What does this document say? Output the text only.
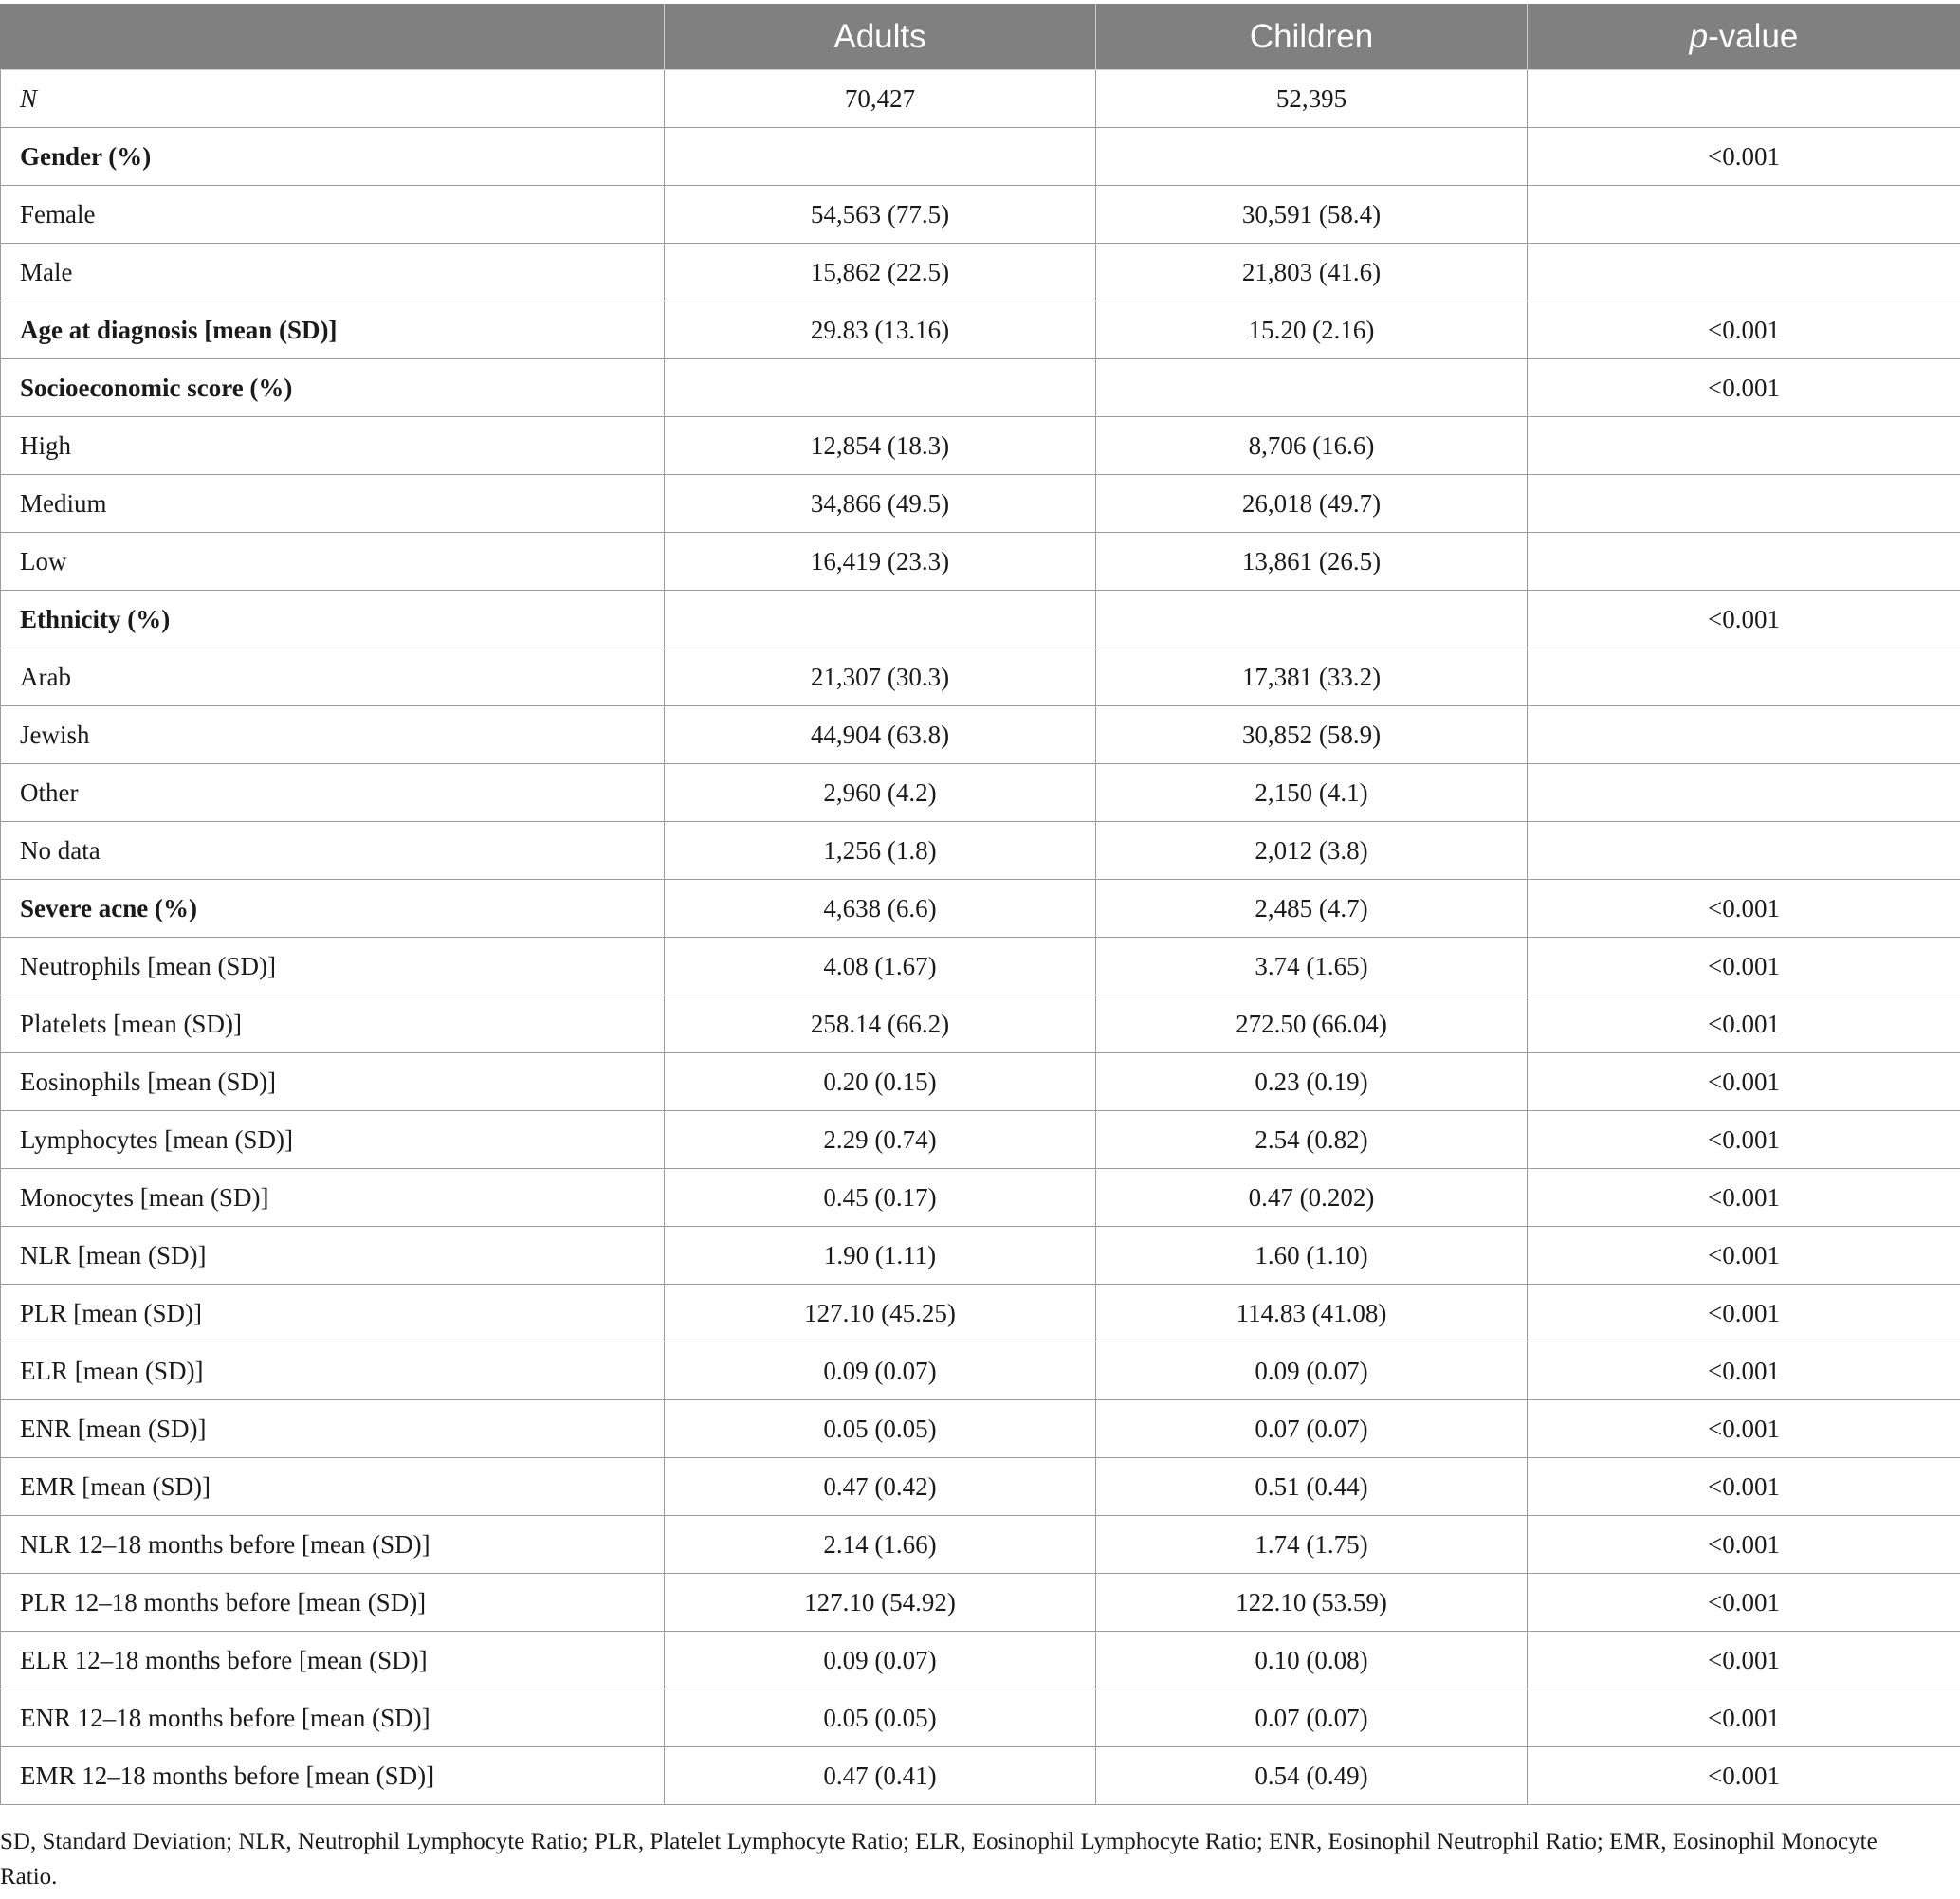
	Adults	Children	p-value
N	70,427	52,395	
Gender (%)			<0.001
Female	54,563 (77.5)	30,591 (58.4)	
Male	15,862 (22.5)	21,803 (41.6)	
Age at diagnosis [mean (SD)]	29.83 (13.16)	15.20 (2.16)	<0.001
Socioeconomic score (%)			<0.001
High	12,854 (18.3)	8,706 (16.6)	
Medium	34,866 (49.5)	26,018 (49.7)	
Low	16,419 (23.3)	13,861 (26.5)	
Ethnicity (%)			<0.001
Arab	21,307 (30.3)	17,381 (33.2)	
Jewish	44,904 (63.8)	30,852 (58.9)	
Other	2,960 (4.2)	2,150 (4.1)	
No data	1,256 (1.8)	2,012 (3.8)	
Severe acne (%)	4,638 (6.6)	2,485 (4.7)	<0.001
Neutrophils [mean (SD)]	4.08 (1.67)	3.74 (1.65)	<0.001
Platelets [mean (SD)]	258.14 (66.2)	272.50 (66.04)	<0.001
Eosinophils [mean (SD)]	0.20 (0.15)	0.23 (0.19)	<0.001
Lymphocytes [mean (SD)]	2.29 (0.74)	2.54 (0.82)	<0.001
Monocytes [mean (SD)]	0.45 (0.17)	0.47 (0.202)	<0.001
NLR [mean (SD)]	1.90 (1.11)	1.60 (1.10)	<0.001
PLR [mean (SD)]	127.10 (45.25)	114.83 (41.08)	<0.001
ELR [mean (SD)]	0.09 (0.07)	0.09 (0.07)	<0.001
ENR [mean (SD)]	0.05 (0.05)	0.07 (0.07)	<0.001
EMR [mean (SD)]	0.47 (0.42)	0.51 (0.44)	<0.001
NLR 12–18 months before [mean (SD)]	2.14 (1.66)	1.74 (1.75)	<0.001
PLR 12–18 months before [mean (SD)]	127.10 (54.92)	122.10 (53.59)	<0.001
ELR 12–18 months before [mean (SD)]	0.09 (0.07)	0.10 (0.08)	<0.001
ENR 12–18 months before [mean (SD)]	0.05 (0.05)	0.07 (0.07)	<0.001
EMR 12–18 months before [mean (SD)]	0.47 (0.41)	0.54 (0.49)	<0.001
SD, Standard Deviation; NLR, Neutrophil Lymphocyte Ratio; PLR, Platelet Lymphocyte Ratio; ELR, Eosinophil Lymphocyte Ratio; ENR, Eosinophil Neutrophil Ratio; EMR, Eosinophil Monocyte Ratio.
